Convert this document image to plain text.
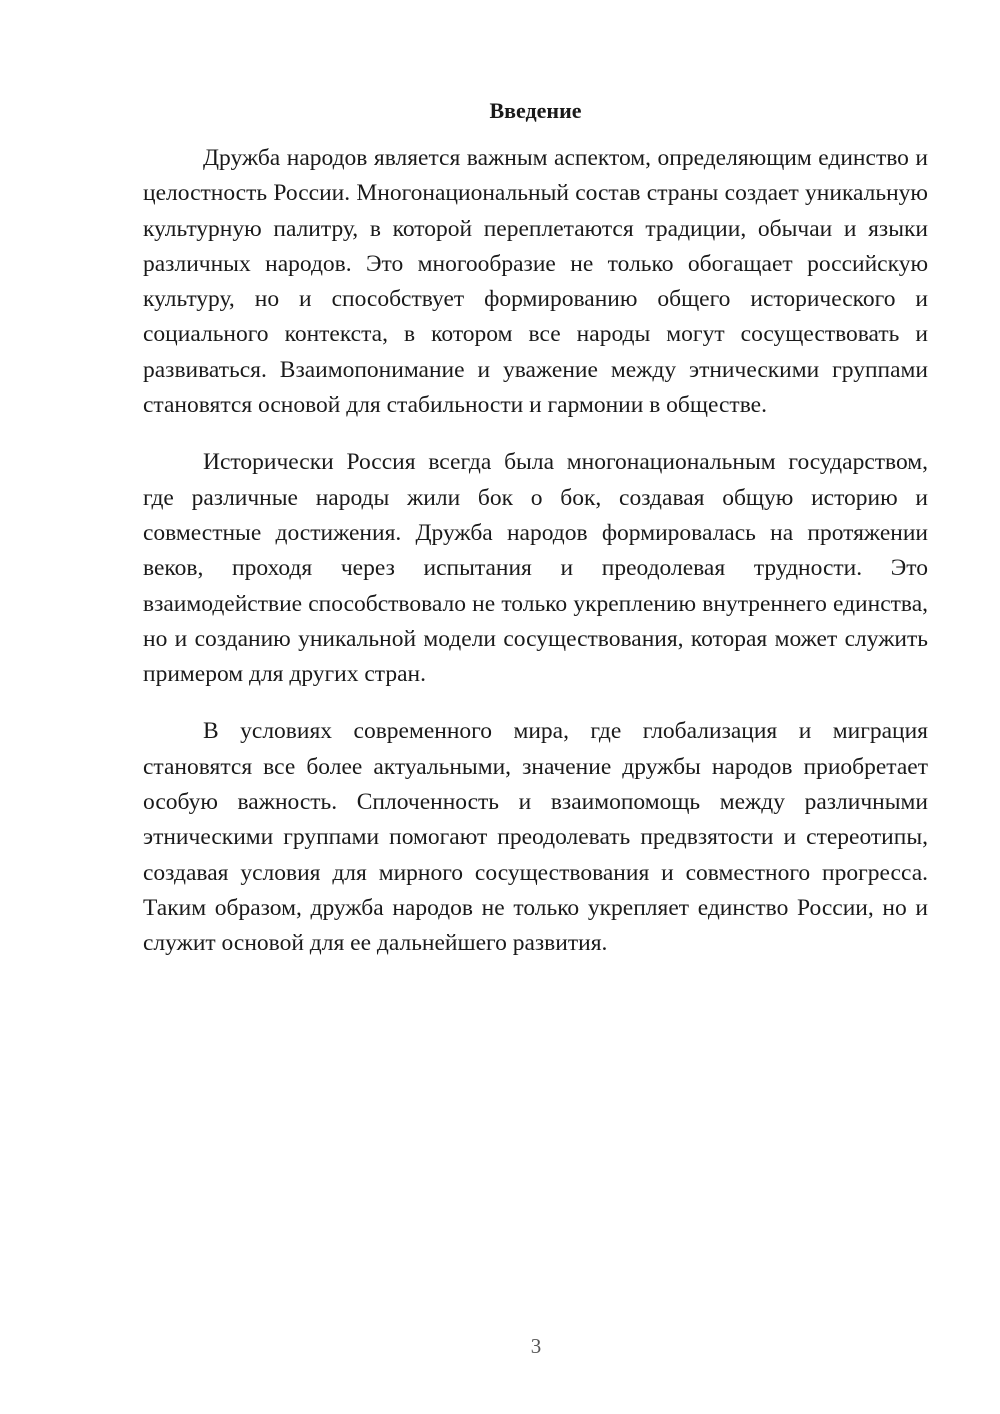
Введение

Дружба народов является важным аспектом, определяющим единство и целостность России. Многонациональный состав страны создает уникальную культурную палитру, в которой переплетаются традиции, обычаи и языки различных народов. Это многообразие не только обогащает российскую культуру, но и способствует формированию общего исторического и социального контекста, в котором все народы могут сосуществовать и развиваться. Взаимопонимание и уважение между этническими группами становятся основой для стабильности и гармонии в обществе.

Исторически Россия всегда была многонациональным государством, где различные народы жили бок о бок, создавая общую историю и совместные достижения. Дружба народов формировалась на протяжении веков, проходя через испытания и преодолевая трудности. Это взаимодействие способствовало не только укреплению внутреннего единства, но и созданию уникальной модели сосуществования, которая может служить примером для других стран.

В условиях современного мира, где глобализация и миграция становятся все более актуальными, значение дружбы народов приобретает особую важность. Сплоченность и взаимопомощь между различными этническими группами помогают преодолевать предвзятости и стереотипы, создавая условия для мирного сосуществования и совместного прогресса. Таким образом, дружба народов не только укрепляет единство России, но и служит основой для ее дальнейшего развития.

3
